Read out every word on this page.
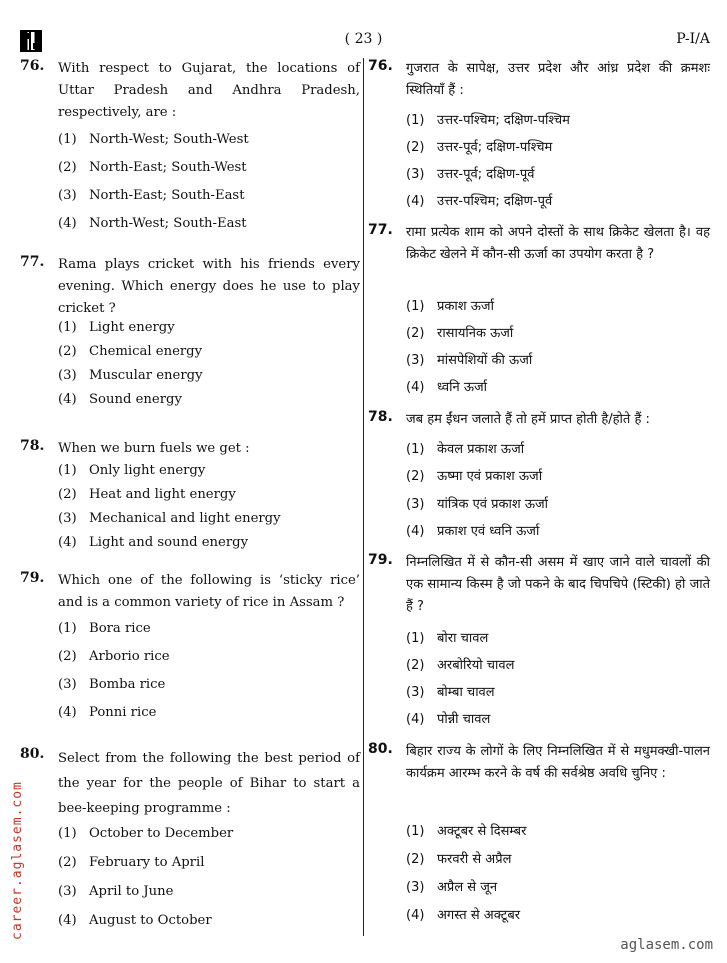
( 23 )	P-I/A
76. With respect to Gujarat, the locations of Uttar Pradesh and Andhra Pradesh, respectively, are :
(1) North-West; South-West
(2) North-East; South-West
(3) North-East; South-East
(4) North-West; South-East
77. Rama plays cricket with his friends every evening. Which energy does he use to play cricket ?
(1) Light energy
(2) Chemical energy
(3) Muscular energy
(4) Sound energy
78. When we burn fuels we get :
(1) Only light energy
(2) Heat and light energy
(3) Mechanical and light energy
(4) Light and sound energy
79. Which one of the following is ‘sticky rice’ and is a common variety of rice in Assam ?
(1) Bora rice
(2) Arborio rice
(3) Bomba rice
(4) Ponni rice
80. Select from the following the best period of the year for the people of Bihar to start a bee-keeping programme :
(1) October to December
(2) February to April
(3) April to June
(4) August to October
76. गुजरात के सापेक्ष, उत्तर प्रदेश और आंध्र प्रदेश की क्रमशः स्थितियाँ हैं :
(1) उत्तर-पश्चिम; दक्षिण-पश्चिम
(2) उत्तर-पूर्व; दक्षिण-पश्चिम
(3) उत्तर-पूर्व; दक्षिण-पूर्व
(4) उत्तर-पश्चिम; दक्षिण-पूर्व
77. रामा प्रत्येक शाम को अपने दोस्तों के साथ क्रिकेट खेलता है। वह क्रिकेट खेलने में कौन-सी ऊर्जा का उपयोग करता है ?
(1) प्रकाश ऊर्जा
(2) रासायनिक ऊर्जा
(3) मांसपेशियों की ऊर्जा
(4) ध्वनि ऊर्जा
78. जब हम ईंधन जलाते हैं तो हमें प्राप्त होती है/होते हैं :
(1) केवल प्रकाश ऊर्जा
(2) ऊष्मा एवं प्रकाश ऊर्जा
(3) यांत्रिक एवं प्रकाश ऊर्जा
(4) प्रकाश एवं ध्वनि ऊर्जा
79. निम्नलिखित में से कौन-सी असम में खाए जाने वाले चावलों की एक सामान्य किस्म है जो पकने के बाद चिपचिपे (स्टिकी) हो जाते हैं ?
(1) बोरा चावल
(2) अरबोरियो चावल
(3) बोम्बा चावल
(4) पोन्नी चावल
80. बिहार राज्य के लोगों के लिए निम्नलिखित में से मधुमक्खी-पालन कार्यक्रम आरम्भ करने के वर्ष की सर्वश्रेष्ठ अवधि चुनिए :
(1) अक्टूबर से दिसम्बर
(2) फरवरी से अप्रैल
(3) अप्रैल से जून
(4) अगस्त से अक्टूबर
career.aglasem.com
aglasem.com
